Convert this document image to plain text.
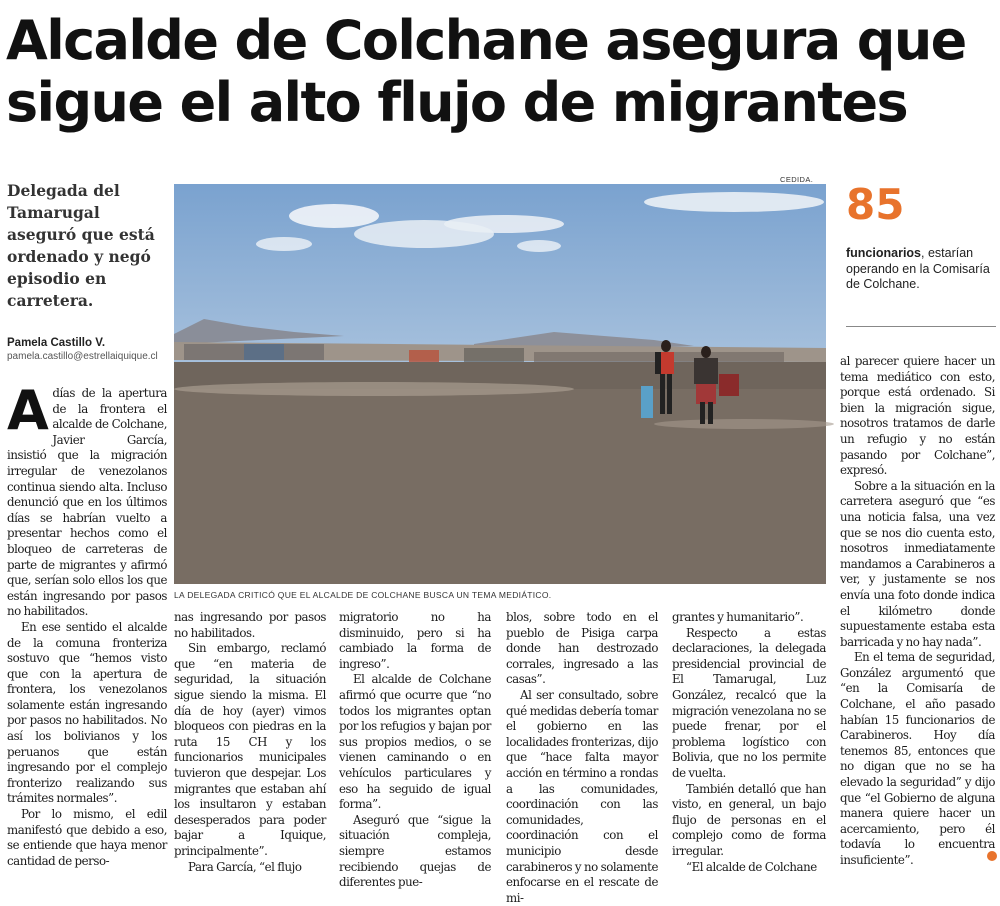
Alcalde de Colchane asegura que
sigue el alto flujo de migrantes
Delegada del Tamarugal aseguró que está ordenado y negó episodio en carretera.
Pamela Castillo V.
pamela.castillo@estrellaiquique.cl
CEDIDA.
LA DELEGADA CRITICÓ QUE EL ALCALDE DE COLCHANE BUSCA UN TEMA MEDIÁTICO.
85
funcionarios, estarían operando en la Comisaría de Colchane.

Adías de la apertura de la frontera el alcalde de Colchane, Javier García, insistió que la migración irregular de venezolanos continua siendo alta. Incluso denunció que en los últimos días se habrían vuelto a presentar hechos como el bloqueo de carreteras de parte de migrantes y afirmó que, serían solo ellos los que están ingresando por pasos no habilitados.

En ese sentido el alcalde de la comuna fronteriza sostuvo que “hemos visto que con la apertura de frontera, los venezolanos solamente están ingresando por pasos no habilitados. No así los bolivianos y los peruanos que están ingresando por el complejo fronterizo realizando sus trámites normales”.

Por lo mismo, el edil manifestó que debido a eso, se entiende que haya menor cantidad de perso-

nas ingresando por pasos no habilitados.

Sin embargo, reclamó que “en materia de seguridad, la situación sigue siendo la misma. El día de hoy (ayer) vimos bloqueos con piedras en la ruta 15 CH y los funcionarios municipales tuvieron que despejar. Los migrantes que estaban ahí los insultaron y estaban desesperados para poder bajar a Iquique, principalmente”.

Para García, “el flujo

migratorio no ha disminuido, pero si ha cambiado la forma de ingreso”.

El alcalde de Colchane afirmó que ocurre que “no todos los migrantes optan por los refugios y bajan por sus propios medios, o se vienen caminando o en vehículos particulares y eso ha seguido de igual forma”.

Aseguró que “sigue la situación compleja, siempre estamos recibiendo quejas de diferentes pue-

blos, sobre todo en el pueblo de Pisiga carpa donde han destrozado corrales, ingresado a las casas”.

Al ser consultado, sobre qué medidas debería tomar el gobierno en las localidades fronterizas, dijo que “hace falta mayor acción en término a rondas a las comunidades, coordinación con las comunidades, coordinación con el municipio desde carabineros y no solamente enfocarse en el rescate de mi-

grantes y humanitario”.

Respecto a estas declaraciones, la delegada presidencial provincial de El Tamarugal, Luz González, recalcó que la migración venezolana no se puede frenar, por el problema logístico con Bolivia, que no los permite de vuelta.

También detalló que han visto, en general, un bajo flujo de personas en el complejo como de forma irregular.

“El alcalde de Colchane

al parecer quiere hacer un tema mediático con esto, porque está ordenado. Si bien la migración sigue, nosotros tratamos de darle un refugio y no están pasando por Colchane”, expresó.

Sobre a la situación en la carretera aseguró que “es una noticia falsa, una vez que se nos dio cuenta esto, nosotros inmediatamente mandamos a Carabineros a ver, y justamente se nos envía una foto donde indica el kilómetro donde supuestamente estaba esta barricada y no hay nada”.

En el tema de seguridad, González argumentó que “en la Comisaría de Colchane, el año pasado habían 15 funcionarios de Carabineros. Hoy día tenemos 85, entonces que no digan que no se ha elevado la seguridad” y dijo que “el Gobierno de alguna manera quiere hacer un acercamiento, pero él todavía lo encuentra insuficiente”.
